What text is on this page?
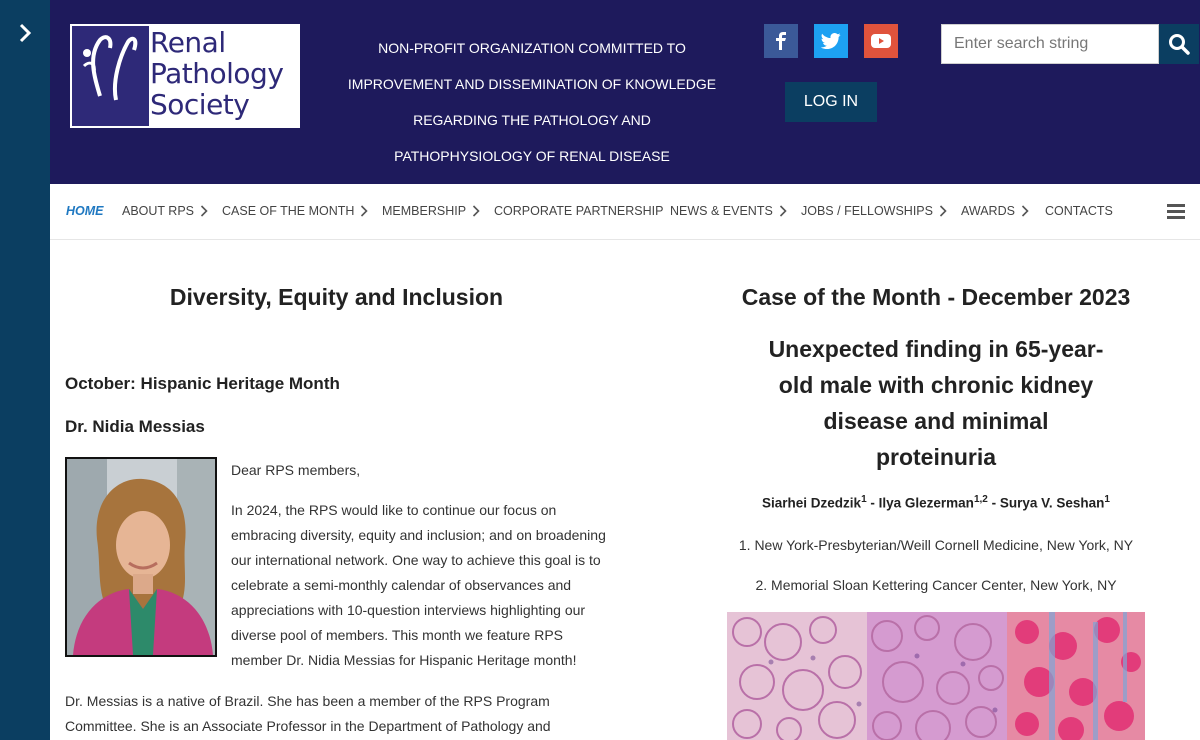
Renal
Pathology
Society
NON-PROFIT ORGANIZATION COMMITTED TO
IMPROVEMENT AND DISSEMINATION OF KNOWLEDGE
REGARDING THE PATHOLOGY AND
PATHOPHYSIOLOGY OF RENAL DISEASE
LOG IN
Enter search string
HOME ABOUT RPS CASE OF THE MONTH MEMBERSHIP CORPORATE PARTNERSHIP NEWS & EVENTS JOBS / FELLOWSHIPS AWARDS CONTACTS
Diversity, Equity and Inclusion
October: Hispanic Heritage Month
Dr. Nidia Messias
Dear RPS members,
In 2024, the RPS would like to continue our focus on embracing diversity, equity and inclusion; and on broadening our international network. One way to achieve this goal is to celebrate a semi-monthly calendar of observances and appreciations with 10-question interviews highlighting our diverse pool of members. This month we feature RPS member Dr. Nidia Messias for Hispanic Heritage month!
Dr. Messias is a native of Brazil. She has been a member of the RPS Program Committee. She is an Associate Professor in the Department of Pathology and
Case of the Month - December 2023
Unexpected finding in 65-year-old male with chronic kidney disease and minimal proteinuria
Siarhei Dzedzik$^1$ - Ilya Glezerman$^{1,2}$ - Surya V. Seshan$^1$
1. New York-Presbyterian/Weill Cornell Medicine, New York, NY
2. Memorial Sloan Kettering Cancer Center, New York, NY
